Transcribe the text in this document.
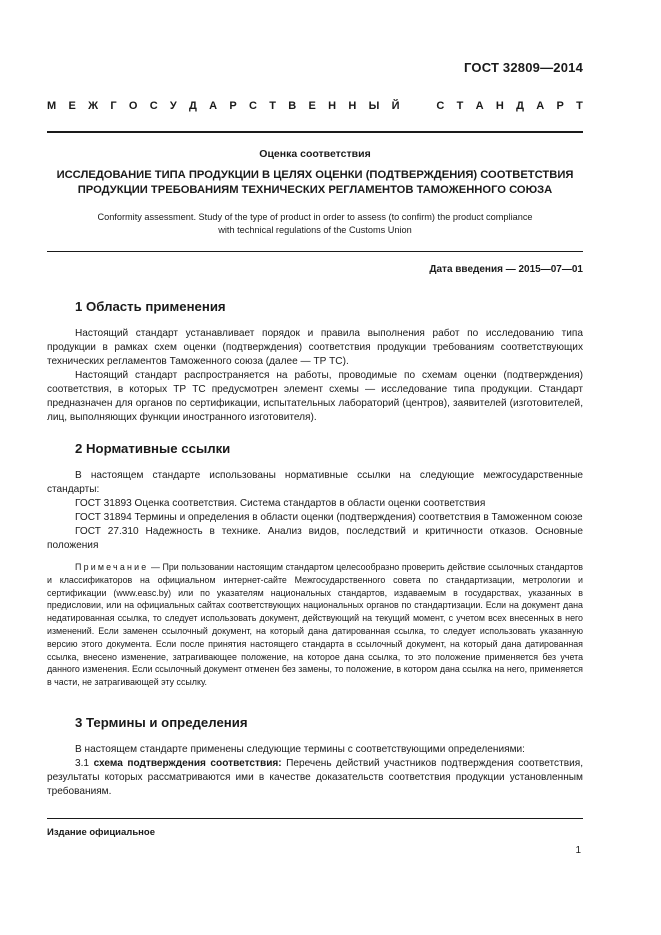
ГОСТ 32809—2014
М Е Ж Г О С У Д А Р С Т В Е Н Н Ы Й	С Т А Н Д А Р Т
Оценка соответствия
ИССЛЕДОВАНИЕ ТИПА ПРОДУКЦИИ В ЦЕЛЯХ ОЦЕНКИ (ПОДТВЕРЖДЕНИЯ) СООТВЕТСТВИЯ
ПРОДУКЦИИ ТРЕБОВАНИЯМ ТЕХНИЧЕСКИХ РЕГЛАМЕНТОВ ТАМОЖЕННОГО СОЮЗА
Conformity assessment. Study of the type of product in order to assess (to confirm) the product compliance
with technical regulations of the Customs Union
Дата введения — 2015—07—01
1 Область применения

Настоящий стандарт устанавливает порядок и правила выполнения работ по исследованию типа продукции в рамках схем оценки (подтверждения) соответствия продукции требованиям соответствующих технических регламентов Таможенного союза (далее — ТР ТС).

Настоящий стандарт распространяется на работы, проводимые по схемам оценки (подтверждения) соответствия, в которых ТР ТС предусмотрен элемент схемы — исследование типа продукции. Стандарт предназначен для органов по сертификации, испытательных лабораторий (центров), заявителей (изготовителей, лиц, выполняющих функции иностранного изготовителя).

2 Нормативные ссылки

В настоящем стандарте использованы нормативные ссылки на следующие межгосударственные стандарты:

ГОСТ 31893 Оценка соответствия. Система стандартов в области оценки соответствия

ГОСТ 31894 Термины и определения в области оценки (подтверждения) соответствия в Таможенном союзе

ГОСТ 27.310 Надежность в технике. Анализ видов, последствий и критичности отказов. Основные положения

Примечание — При пользовании настоящим стандартом целесообразно проверить действие ссылочных стандартов и классификаторов на официальном интернет-сайте Межгосударственного совета по стандартизации, метрологии и сертификации (www.easc.by) или по указателям национальных стандартов, издаваемым в государствах, указанных в предисловии, или на официальных сайтах соответствующих национальных органов по стандартизации. Если на документ дана недатированная ссылка, то следует использовать документ, действующий на текущий момент, с учетом всех внесенных в него изменений. Если заменен ссылочный документ, на который дана датированная ссылка, то следует использовать указанную версию этого документа. Если после принятия настоящего стандарта в ссылочный документ, на который дана датированная ссылка, внесено изменение, затрагивающее положение, на которое дана ссылка, то это положение применяется без учета данного изменения. Если ссылочный документ отменен без замены, то положение, в котором дана ссылка на него, применяется в части, не затрагивающей эту ссылку.

3 Термины и определения

В настоящем стандарте применены следующие термины с соответствующими определениями:

3.1 схема подтверждения соответствия: Перечень действий участников подтверждения соответствия, результаты которых рассматриваются ими в качестве доказательств соответствия продукции установленным требованиям.

Издание официальное
1
